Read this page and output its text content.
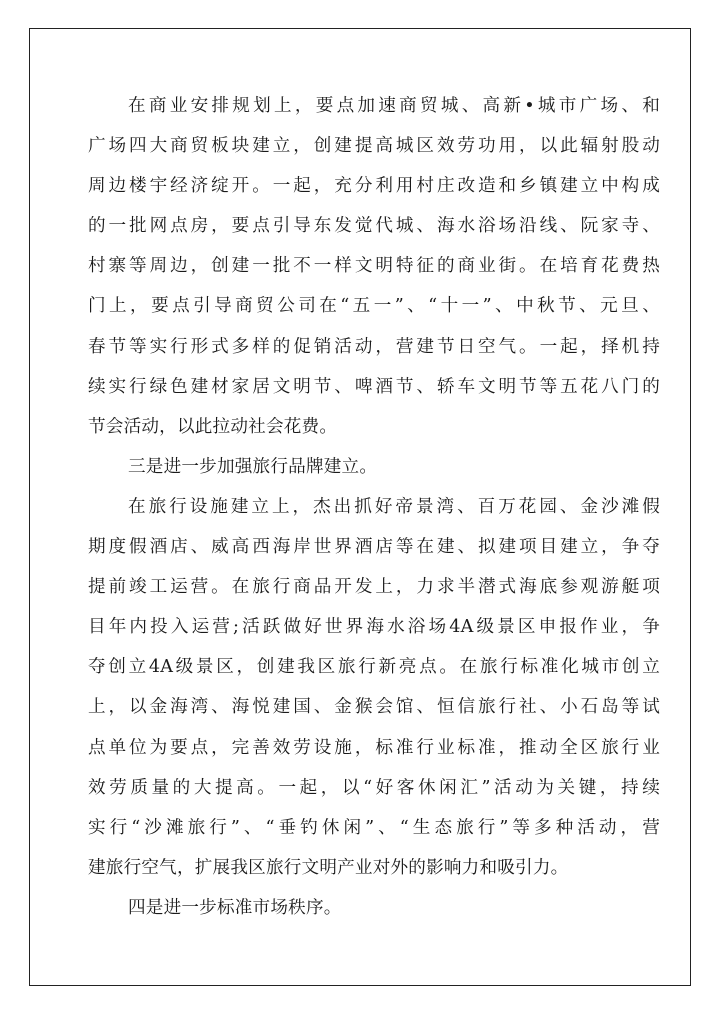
在商业安排规划上，要点加速商贸城、高新•城市广场、和
广场四大商贸板块建立，创建提高城区效劳功用，以此辐射股动
周边楼宇经济绽开。一起，充分利用村庄改造和乡镇建立中构成
的一批网点房，要点引导东发觉代城、海水浴场沿线、阮家寺、
村寨等周边，创建一批不一样文明特征的商业街。在培育花费热
门上，要点引导商贸公司在“五一”、“十一”、中秋节、元旦、
春节等实行形式多样的促销活动，营建节日空气。一起，择机持
续实行绿色建材家居文明节、啤酒节、轿车文明节等五花八门的
节会活动，以此拉动社会花费。
三是进一步加强旅行品牌建立。
在旅行设施建立上，杰出抓好帝景湾、百万花园、金沙滩假
期度假酒店、威高西海岸世界酒店等在建、拟建项目建立，争夺
提前竣工运营。在旅行商品开发上，力求半潜式海底参观游艇项
目年内投入运营;活跃做好世界海水浴场4A级景区申报作业，争
夺创立4A级景区，创建我区旅行新亮点。在旅行标准化城市创立
上，以金海湾、海悦建国、金猴会馆、恒信旅行社、小石岛等试
点单位为要点，完善效劳设施，标准行业标准，推动全区旅行业
效劳质量的大提高。一起，以“好客休闲汇”活动为关键，持续
实行“沙滩旅行”、“垂钓休闲”、“生态旅行”等多种活动，营
建旅行空气，扩展我区旅行文明产业对外的影响力和吸引力。
四是进一步标准市场秩序。
